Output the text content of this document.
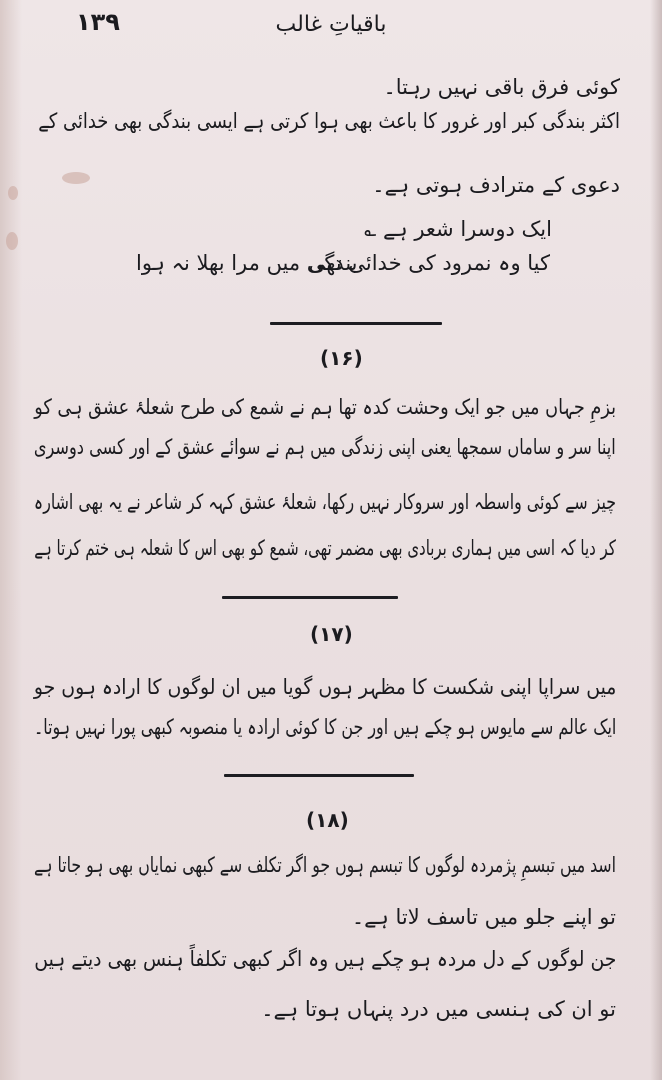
۱۳۹	باقیاتِ غالب
کوئی فرق باقی نہیں رہتا۔
اکثر بندگی کبر اور غرور کا باعث بھی ہوا کرتی ہے ایسی بندگی بھی خدائی کے
دعوی کے مترادف ہوتی ہے۔
ایک دوسرا شعر ہے ؎
کیا وہ نمرود کی خدائی تھی
بندگی میں مرا بھلا نہ ہوا
(۱۶)
بزمِ جہاں میں جو ایک وحشت کدہ تھا ہم نے شمع کی طرح شعلۂ عشق ہی کو
اپنا سر و ساماں سمجھا یعنی اپنی زندگی میں ہم نے سوائے عشق کے اور کسی دوسری
چیز سے کوئی واسطہ اور سروکار نہیں رکھا، شعلۂ عشق کہہ کر شاعر نے یہ بھی اشارہ
کر دیا کہ اسی میں ہماری بربادی بھی مضمر تھی، شمع کو بھی اس کا شعلہ ہی ختم کرتا ہے
(۱۷)
میں سراپا اپنی شکست کا مظہر ہوں گویا میں ان لوگوں کا ارادہ ہوں جو
ایک عالم سے مایوس ہو چکے ہیں اور جن کا کوئی ارادہ یا منصوبہ کبھی پورا نہیں ہوتا۔
(۱۸)
اسد میں تبسمِ پژمردہ لوگوں کا تبسم ہوں جو اگر تکلف سے کبھی نمایاں بھی ہو جاتا ہے
تو اپنے جلو میں تاسف لاتا ہے۔
جن لوگوں کے دل مردہ ہو چکے ہیں وہ اگر کبھی تکلفاً ہنس بھی دیتے ہیں
تو ان کی ہنسی میں درد پنہاں ہوتا ہے۔
